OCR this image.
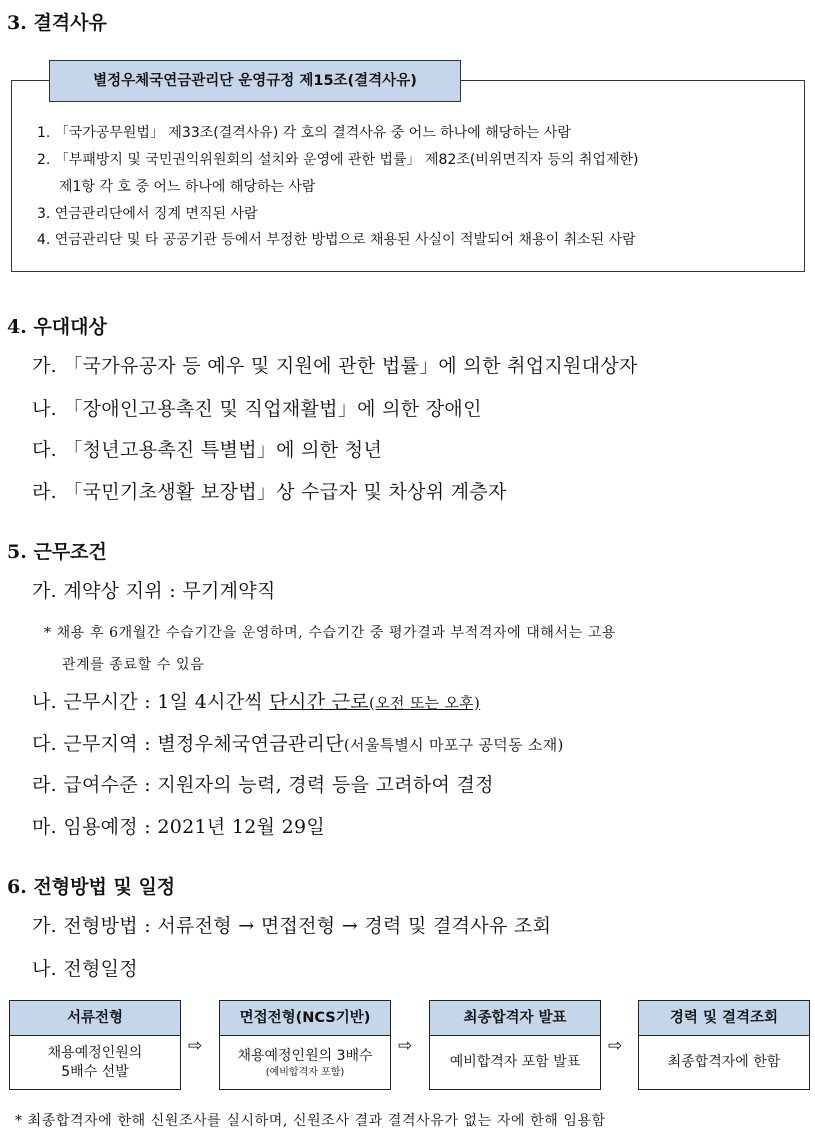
3. 결격사유
별정우체국연금관리단 운영규정 제15조(결격사유)
1. 「국가공무원법」 제33조(결격사유) 각 호의 결격사유 중 어느 하나에 해당하는 사람
2. 「부패방지 및 국민권익위원회의 설치와 운영에 관한 법률」 제82조(비위면직자 등의 취업제한)
제1항 각 호 중 어느 하나에 해당하는 사람
3. 연금관리단에서 징계 면직된 사람
4. 연금관리단 및 타 공공기관 등에서 부정한 방법으로 채용된 사실이 적발되어 채용이 취소된 사람
4. 우대대상
가. 「국가유공자 등 예우 및 지원에 관한 법률」에 의한 취업지원대상자
나. 「장애인고용촉진 및 직업재활법」에 의한 장애인
다. 「청년고용촉진 특별법」에 의한 청년
라. 「국민기초생활 보장법」상 수급자 및 차상위 계층자
5. 근무조건
가. 계약상 지위 : 무기계약직
* 채용 후 6개월간 수습기간을 운영하며, 수습기간 중 평가결과 부적격자에 대해서는 고용
관계를 종료할 수 있음
나. 근무시간 : 1일 4시간씩 단시간 근로(오전 또는 오후)
다. 근무지역 : 별정우체국연금관리단(서울특별시 마포구 공덕동 소재)
라. 급여수준 : 지원자의 능력, 경력 등을 고려하여 결정
마. 임용예정 : 2021년 12월 29일
6. 전형방법 및 일정
가. 전형방법 : 서류전형 → 면접전형 → 경력 및 결격사유 조회
나. 전형일정
서류전형
채용예정인원의
5배수 선발
⇨
면접전형(NCS기반)
채용예정인원의 3배수
(예비합격자 포함)
⇨
최종합격자 발표
예비합격자 포함 발표
⇨
경력 및 결격조회
최종합격자에 한함
* 최종합격자에 한해 신원조사를 실시하며, 신원조사 결과 결격사유가 없는 자에 한해 임용함
